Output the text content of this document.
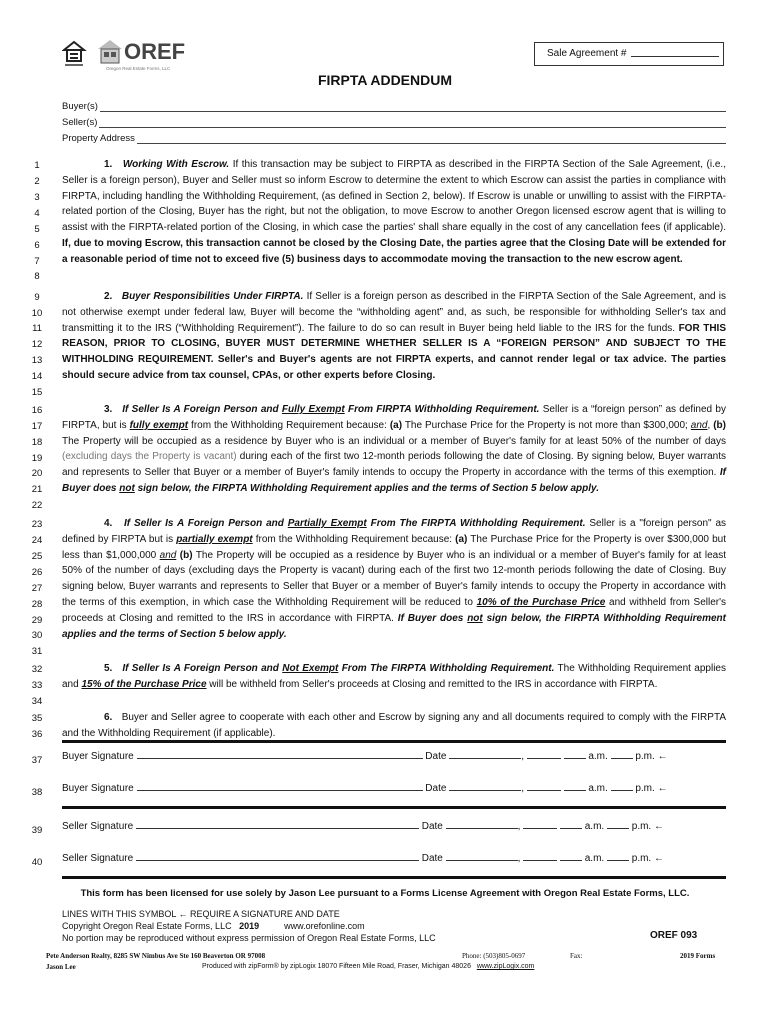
OREF
Oregon Real Estate Forms, LLC
Sale Agreement #
FIRPTA ADDENDUM
Buyer(s)
Seller(s)
Property Address
1
2
3
4
5
6
7
8
9
10
11
12
13
14
15
16
17
18
19
20
21
22
23
24
25
26
27
28
29
30
31
32
33
34
35
36
37
38
39
40

1. Working With Escrow. If this transaction may be subject to FIRPTA as described in the FIRPTA Section of the Sale Agreement, (i.e., Seller is a foreign person), Buyer and Seller must so inform Escrow to determine the extent to which Escrow can assist the parties in compliance with FIRPTA, including handling the Withholding Requirement, (as defined in Section 2, below). If Escrow is unable or unwilling to assist with the FIRPTA-related portion of the Closing, Buyer has the right, but not the obligation, to move Escrow to another Oregon licensed escrow agent that is willing to assist with the FIRPTA-related portion of the Closing, in which case the parties' shall share equally in the cost of any cancellation fees (if applicable). If, due to moving Escrow, this transaction cannot be closed by the Closing Date, the parties agree that the Closing Date will be extended for a reasonable period of time not to exceed five (5) business days to accommodate moving the transaction to the new escrow agent.

2. Buyer Responsibilities Under FIRPTA. If Seller is a foreign person as described in the FIRPTA Section of the Sale Agreement, and is not otherwise exempt under federal law, Buyer will become the “withholding agent” and, as such, be responsible for withholding Seller's tax and transmitting it to the IRS (“Withholding Requirement”). The failure to do so can result in Buyer being held liable to the IRS for the funds. FOR THIS REASON, PRIOR TO CLOSING, BUYER MUST DETERMINE WHETHER SELLER IS A “FOREIGN PERSON” AND SUBJECT TO THE WITHHOLDING REQUIREMENT. Seller's and Buyer's agents are not FIRPTA experts, and cannot render legal or tax advice. The parties should secure advice from tax counsel, CPAs, or other experts before Closing.

3. If Seller Is A Foreign Person and Fully Exempt From FIRPTA Withholding Requirement. Seller is a “foreign person” as defined by FIRPTA, but is fully exempt from the Withholding Requirement because: (a) The Purchase Price for the Property is not more than $300,000; and, (b) The Property will be occupied as a residence by Buyer who is an individual or a member of Buyer's family for at least 50% of the number of days (excluding days the Property is vacant) during each of the first two 12-month periods following the date of Closing. By signing below, Buyer warrants and represents to Seller that Buyer or a member of Buyer's family intends to occupy the Property in accordance with the terms of this exemption. If Buyer does not sign below, the FIRPTA Withholding Requirement applies and the terms of Section 5 below apply.

4. If Seller Is A Foreign Person and Partially Exempt From The FIRPTA Withholding Requirement. Seller is a "foreign person" as defined by FIRPTA but is partially exempt from the Withholding Requirement because: (a) The Purchase Price for the Property is over $300,000 but less than $1,000,000 and (b) The Property will be occupied as a residence by Buyer who is an individual or a member of Buyer's family for at least 50% of the number of days (excluding days the Property is vacant) during each of the first two 12-month periods following the date of Closing. Buy signing below, Buyer warrants and represents to Seller that Buyer or a member of Buyer's family intends to occupy the Property in accordance with the terms of this exemption, in which case the Withholding Requirement will be reduced to 10% of the Purchase Price and withheld from Seller's proceeds at Closing and remitted to the IRS in accordance with FIRPTA. If Buyer does not sign below, the FIRPTA Withholding Requirement applies and the terms of Section 5 below apply.

5. If Seller Is A Foreign Person and Not Exempt From The FIRPTA Withholding Requirement. The Withholding Requirement applies and 15% of the Purchase Price will be withheld from Seller's proceeds at Closing and remitted to the IRS in accordance with FIRPTA.

6. Buyer and Seller agree to cooperate with each other and Escrow by signing any and all documents required to comply with the FIRPTA and the Withholding Requirement (if applicable).

Buyer Signature	Date	,	a.m.	p.m. ←
Buyer Signature	Date	,	a.m.	p.m. ←
Seller Signature	Date	,	a.m.	p.m. ←
Seller Signature	Date	,	a.m.	p.m. ←
This form has been licensed for use solely by Jason Lee pursuant to a Forms License Agreement with Oregon Real Estate Forms, LLC.
LINES WITH THIS SYMBOL ← REQUIRE A SIGNATURE AND DATE
Copyright Oregon Real Estate Forms, LLC 2019	www.orefonline.com
No portion may be reproduced without express permission of Oregon Real Estate Forms, LLC	OREF 093
Pete Anderson Realty, 8285 SW Nimbus Ave Ste 160 Beaverton OR 97008	Phone: (503)805-0697	Fax:	2019 Forms
Jason Lee	Produced with zipForm® by zipLogix 18070 Fifteen Mile Road, Fraser, Michigan 48026 www.zipLogix.com
